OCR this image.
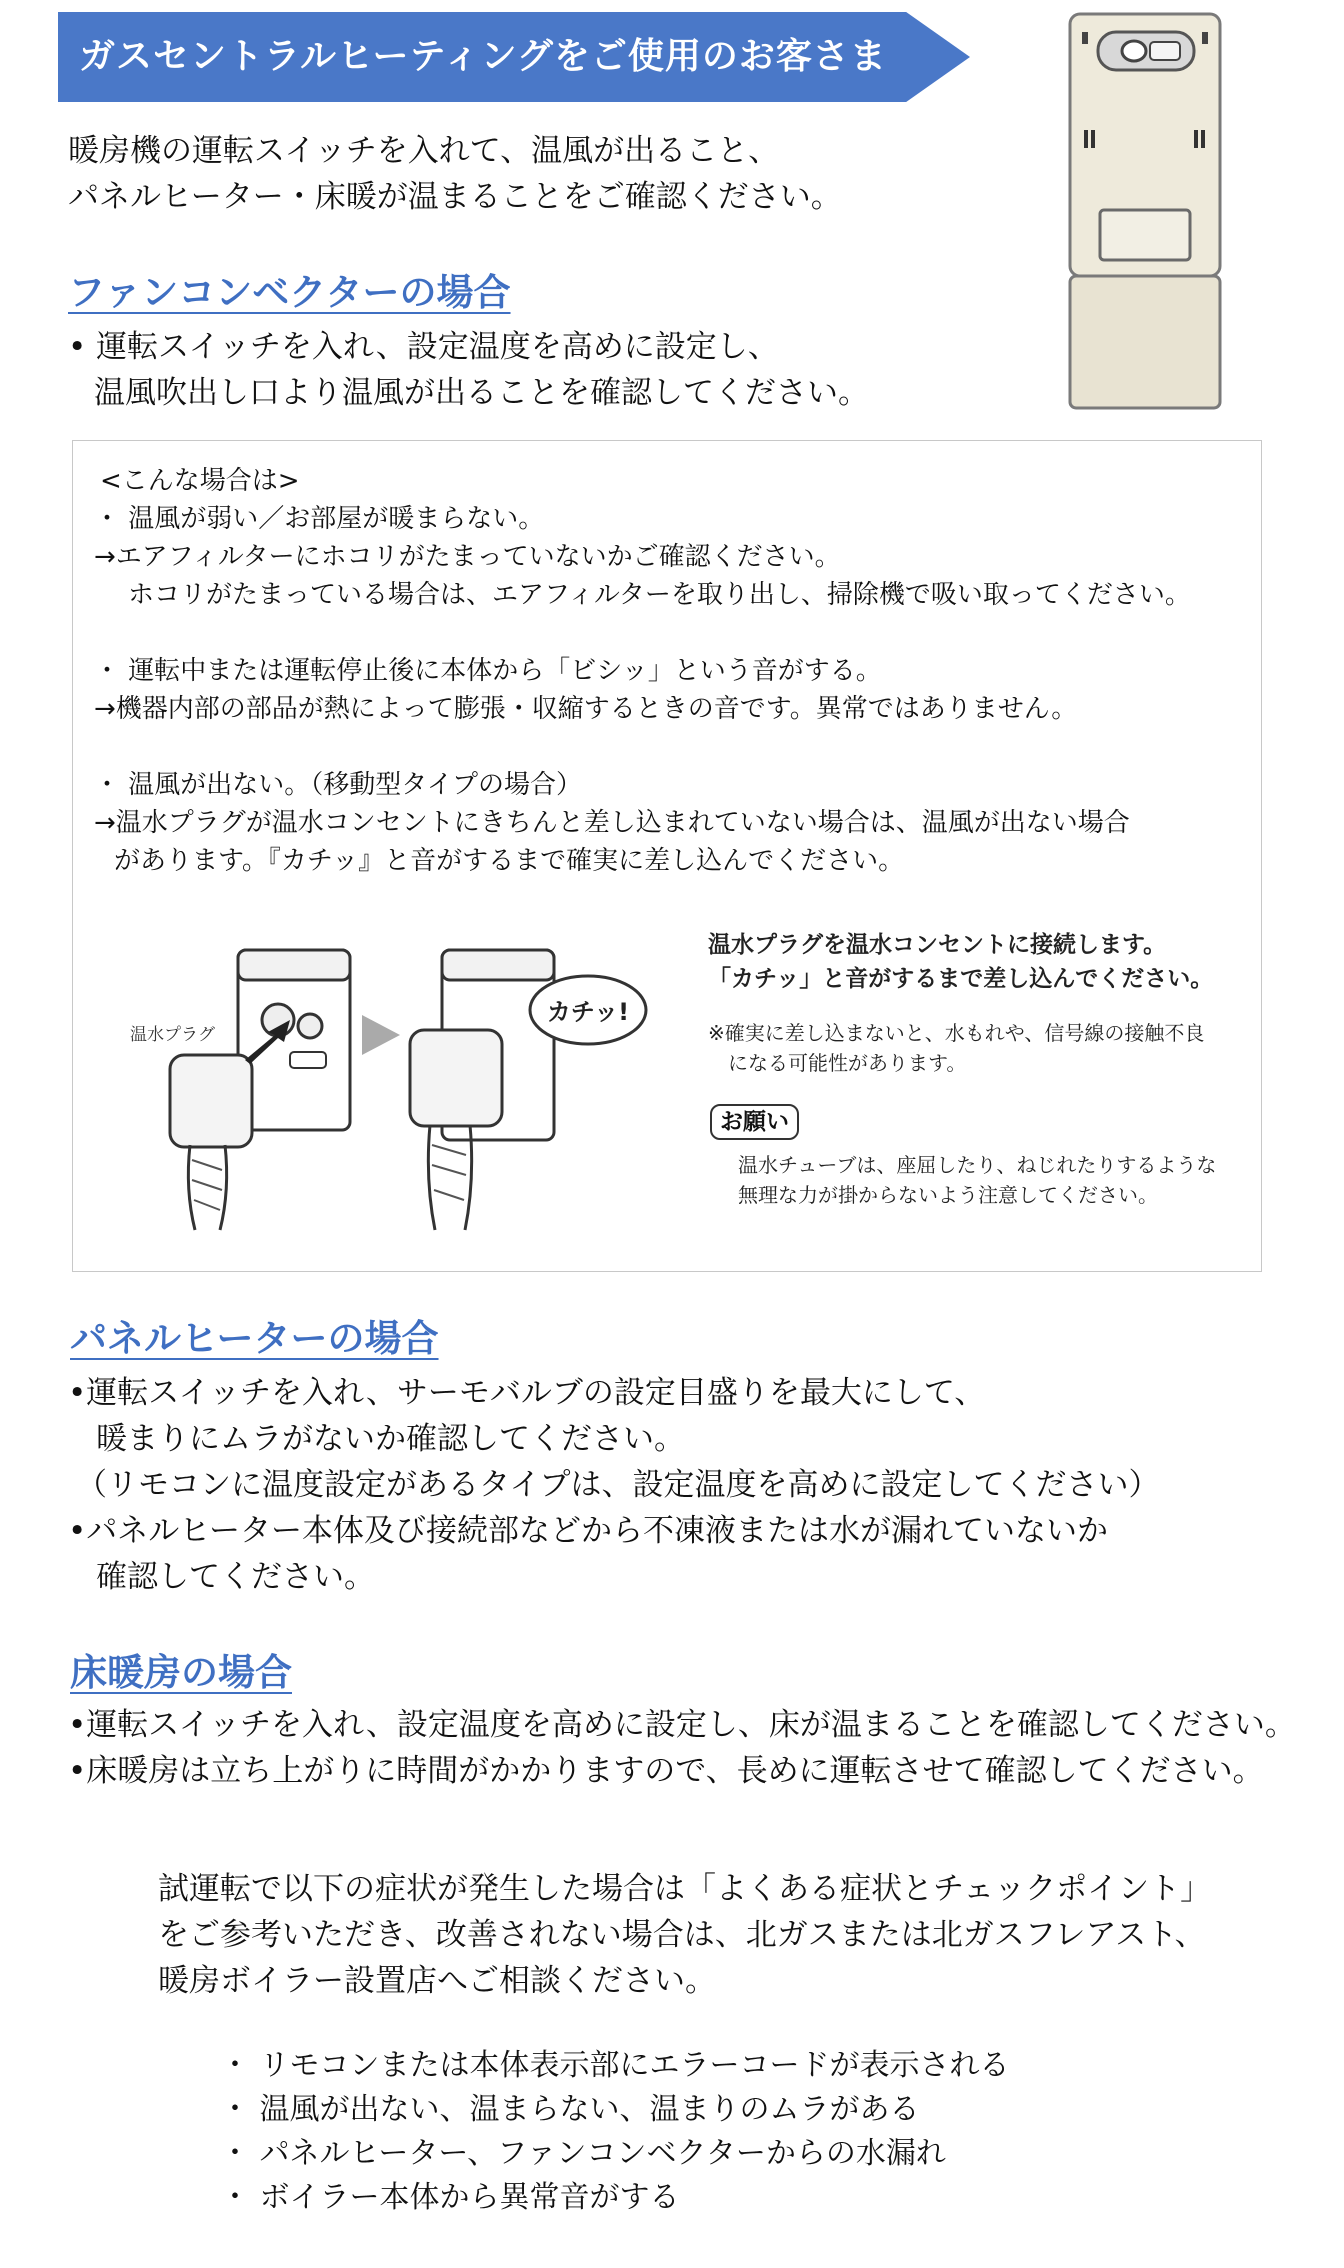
ガスセントラルヒーティングをご使用のお客さま
暖房機の運転スイッチを入れて、温風が出ること、
パネルヒーター・床暖が温まることをご確認ください。
ファンコンベクターの場合
• 運転スイッチを入れ、設定温度を高めに設定し、
温風吹出し口より温風が出ることを確認してください。
<こんな場合は>
・ 温風が弱い／お部屋が暖まらない。
→エアフィルターにホコリがたまっていないかご確認ください。
ホコリがたまっている場合は、エアフィルターを取り出し、掃除機で吸い取ってください。
・ 運転中または運転停止後に本体から「ビシッ」という音がする。
→機器内部の部品が熱によって膨張・収縮するときの音です。異常ではありません。
・ 温風が出ない。（移動型タイプの場合）
→温水プラグが温水コンセントにきちんと差し込まれていない場合は、温風が出ない場合
があります。『カチッ』と音がするまで確実に差し込んでください。
カチッ!
温水プラグ
温水プラグを温水コンセントに接続します。
「カチッ」と音がするまで差し込んでください。
※確実に差し込まないと、水もれや、信号線の接触不良
になる可能性があります。
お願い
温水チューブは、座屈したり、ねじれたりするような
無理な力が掛からないよう注意してください。
パネルヒーターの場合
•運転スイッチを入れ、サーモバルブの設定目盛りを最大にして、
暖まりにムラがないか確認してください。
（リモコンに温度設定があるタイプは、設定温度を高めに設定してください）
•パネルヒーター本体及び接続部などから不凍液または水が漏れていないか
確認してください。
床暖房の場合
•運転スイッチを入れ、設定温度を高めに設定し、床が温まることを確認してください。
•床暖房は立ち上がりに時間がかかりますので、長めに運転させて確認してください。
試運転で以下の症状が発生した場合は「よくある症状とチェックポイント」
をご参考いただき、改善されない場合は、北ガスまたは北ガスフレアスト、
暖房ボイラー設置店へご相談ください。
・ リモコンまたは本体表示部にエラーコードが表示される
・ 温風が出ない、温まらない、温まりのムラがある
・ パネルヒーター、ファンコンベクターからの水漏れ
・ ボイラー本体から異常音がする
